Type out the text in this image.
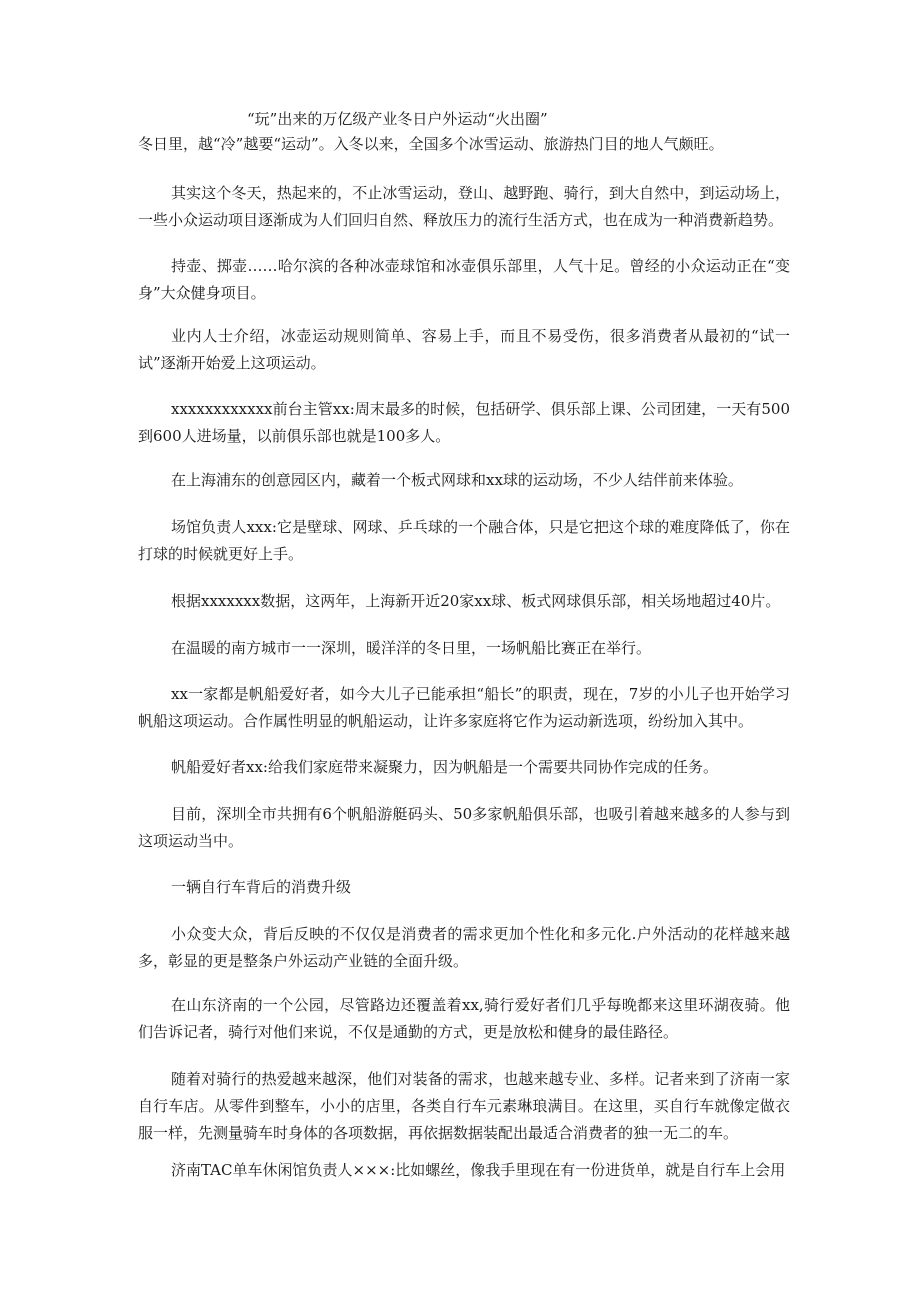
“玩”出来的万亿级产业冬日户外运动“火出圈”
冬日里，越“冷”越要“运动”。入冬以来，全国多个冰雪运动、旅游热门目的地人气颇旺。

其实这个冬天，热起来的，不止冰雪运动，登山、越野跑、骑行，到大自然中，到运动场上，一些小众运动项目逐渐成为人们回归自然、释放压力的流行生活方式，也在成为一种消费新趋势。

持壶、掷壶……哈尔滨的各种冰壶球馆和冰壶俱乐部里，人气十足。曾经的小众运动正在“变身”大众健身项目。

业内人士介绍，冰壶运动规则简单、容易上手，而且不易受伤，很多消费者从最初的“试一试”逐渐开始爱上这项运动。

xxxxxxxxxxxx前台主管xx:周末最多的时候，包括研学、俱乐部上课、公司团建，一天有500到600人进场量，以前俱乐部也就是100多人。

在上海浦东的创意园区内，藏着一个板式网球和xx球的运动场，不少人结伴前来体验。

场馆负责人xxx:它是壁球、网球、乒乓球的一个融合体，只是它把这个球的难度降低了，你在打球的时候就更好上手。

根据xxxxxxx数据，这两年，上海新开近20家xx球、板式网球俱乐部，相关场地超过40片。

在温暖的南方城市一一深圳，暖洋洋的冬日里，一场帆船比赛正在举行。

xx一家都是帆船爱好者，如今大儿子已能承担“船长”的职责，现在，7岁的小儿子也开始学习帆船这项运动。合作属性明显的帆船运动，让许多家庭将它作为运动新选项，纷纷加入其中。

帆船爱好者xx:给我们家庭带来凝聚力，因为帆船是一个需要共同协作完成的任务。

目前，深圳全市共拥有6个帆船游艇码头、50多家帆船俱乐部，也吸引着越来越多的人参与到这项运动当中。

一辆自行车背后的消费升级

小众变大众，背后反映的不仅仅是消费者的需求更加个性化和多元化.户外活动的花样越来越多，彰显的更是整条户外运动产业链的全面升级。

在山东济南的一个公园，尽管路边还覆盖着xx,骑行爱好者们几乎每晚都来这里环湖夜骑。他们告诉记者，骑行对他们来说，不仅是通勤的方式，更是放松和健身的最佳路径。

随着对骑行的热爱越来越深，他们对装备的需求，也越来越专业、多样。记者来到了济南一家自行车店。从零件到整车，小小的店里，各类自行车元素琳琅满目。在这里，买自行车就像定做衣服一样，先测量骑车时身体的各项数据，再依据数据装配出最适合消费者的独一无二的车。

济南TAC单车休闲馆负责人×××:比如螺丝，像我手里现在有一份进货单，就是自行车上会用
